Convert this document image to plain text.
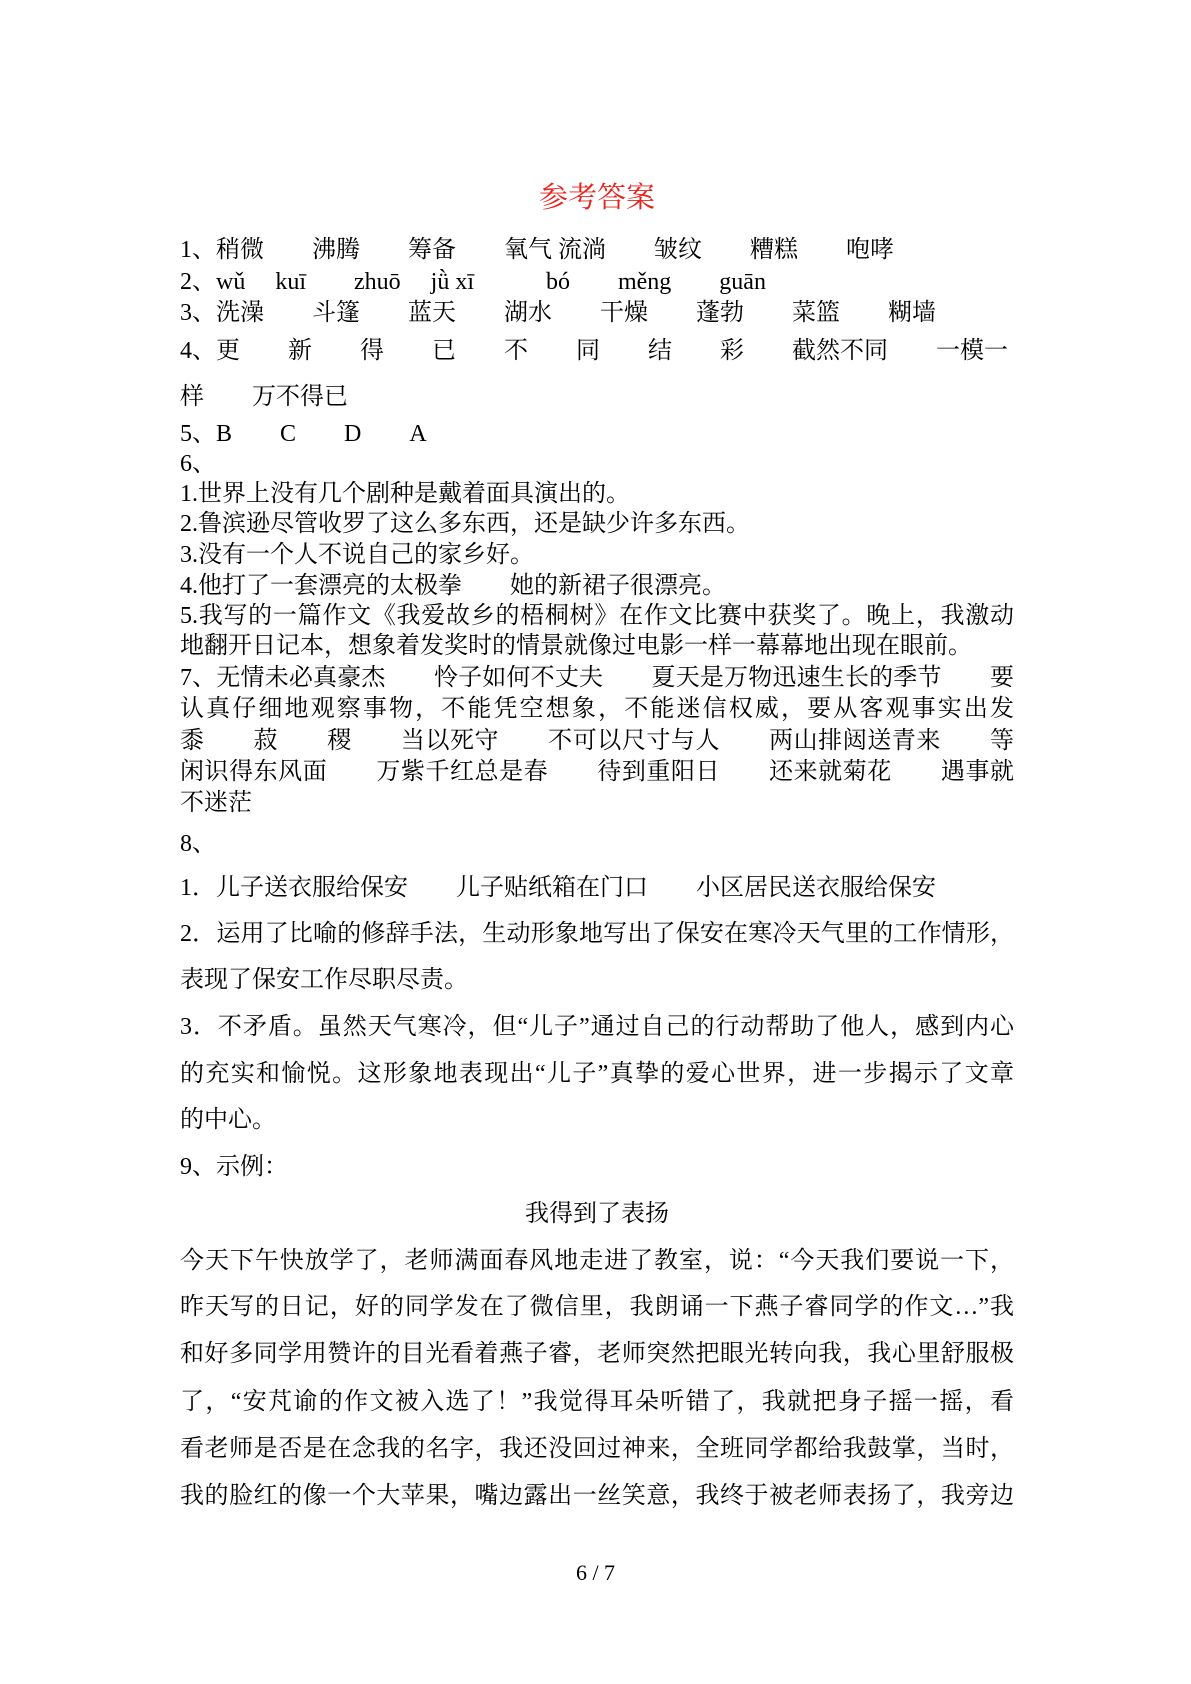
参考答案
1、稍微　　沸腾　　筹备　　氧气 流淌　　皱纹　　糟糕　　咆哮
2、wǔ　 kuī　　zhuō　 jǜ xī　　　bó　　měng　　guān
3、洗澡　　斗篷　　蓝天　　湖水　　干燥　　蓬勃　　菜篮　　糊墙
4、更　　新　　得　　已　　不　　同　　结　　彩　　截然不同　　一模一
样　　万不得已
5、B　　C　　D　　A
6、
1.世界上没有几个剧种是戴着面具演出的。
2.鲁滨逊尽管收罗了这么多东西，还是缺少许多东西。
3.没有一个人不说自己的家乡好。
4.他打了一套漂亮的太极拳　　她的新裙子很漂亮。
5.我写的一篇作文《我爱故乡的梧桐树》在作文比赛中获奖了。晚上，我激动
地翻开日记本，想象着发奖时的情景就像过电影一样一幕幕地出现在眼前。
7、无情未必真豪杰　　怜子如何不丈夫　　夏天是万物迅速生长的季节　　要
认真仔细地观察事物，不能凭空想象，不能迷信权威，要从客观事实出发
黍　　菽　　稷　　当以死守　　不可以尺寸与人　　两山排闼送青来　　等
闲识得东风面　　万紫千红总是春　　待到重阳日　　还来就菊花　　遇事就
不迷茫
8、
1．儿子送衣服给保安　　儿子贴纸箱在门口　　小区居民送衣服给保安
2．运用了比喻的修辞手法，生动形象地写出了保安在寒冷天气里的工作情形，
表现了保安工作尽职尽责。
3．不矛盾。虽然天气寒冷，但“儿子”通过自己的行动帮助了他人，感到内心
的充实和愉悦。这形象地表现出“儿子”真挚的爱心世界，进一步揭示了文章
的中心。
9、示例：
我得到了表扬
今天下午快放学了，老师满面春风地走进了教室，说：“今天我们要说一下，
昨天写的日记，好的同学发在了微信里，我朗诵一下燕子睿同学的作文…”我
和好多同学用赞许的目光看着燕子睿，老师突然把眼光转向我，我心里舒服极
了，“安芃谕的作文被入选了！”我觉得耳朵听错了，我就把身子摇一摇，看
看老师是否是在念我的名字，我还没回过神来，全班同学都给我鼓掌，当时，
我的脸红的像一个大苹果，嘴边露出一丝笑意，我终于被老师表扬了，我旁边
6 / 7
